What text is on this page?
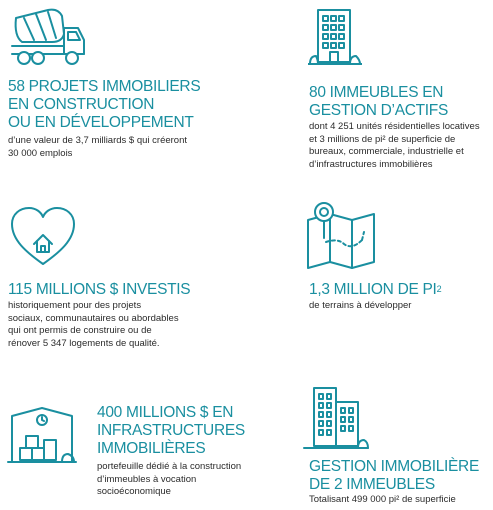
58 PROJETS IMMOBILIERS
EN CONSTRUCTION
OU EN DÉVELOPPEMENT

d’une valeur de 3,7 milliards $ qui créeront
30 000 emplois

80 IMMEUBLES EN
GESTION D’ACTIFS

dont 4 251 unités résidentielles locatives
et 3 millions de pi² de superficie de
bureaux, commerciale, industrielle et
d’infrastructures immobilières

115 MILLIONS $ INVESTIS

historiquement pour des projets
sociaux, communautaires ou abordables
qui ont permis de construire ou de
rénover 5 347 logements de qualité.

1,3 MILLION DE $PI^2$

de terrains à développer

400 MILLIONS $ EN
INFRASTRUCTURES
IMMOBILIÈRES

portefeuille dédié à la construction
d’immeubles à vocation
socioéconomique

GESTION IMMOBILIÈRE
DE 2 IMMEUBLES

Totalisant 499 000 pi² de superficie
